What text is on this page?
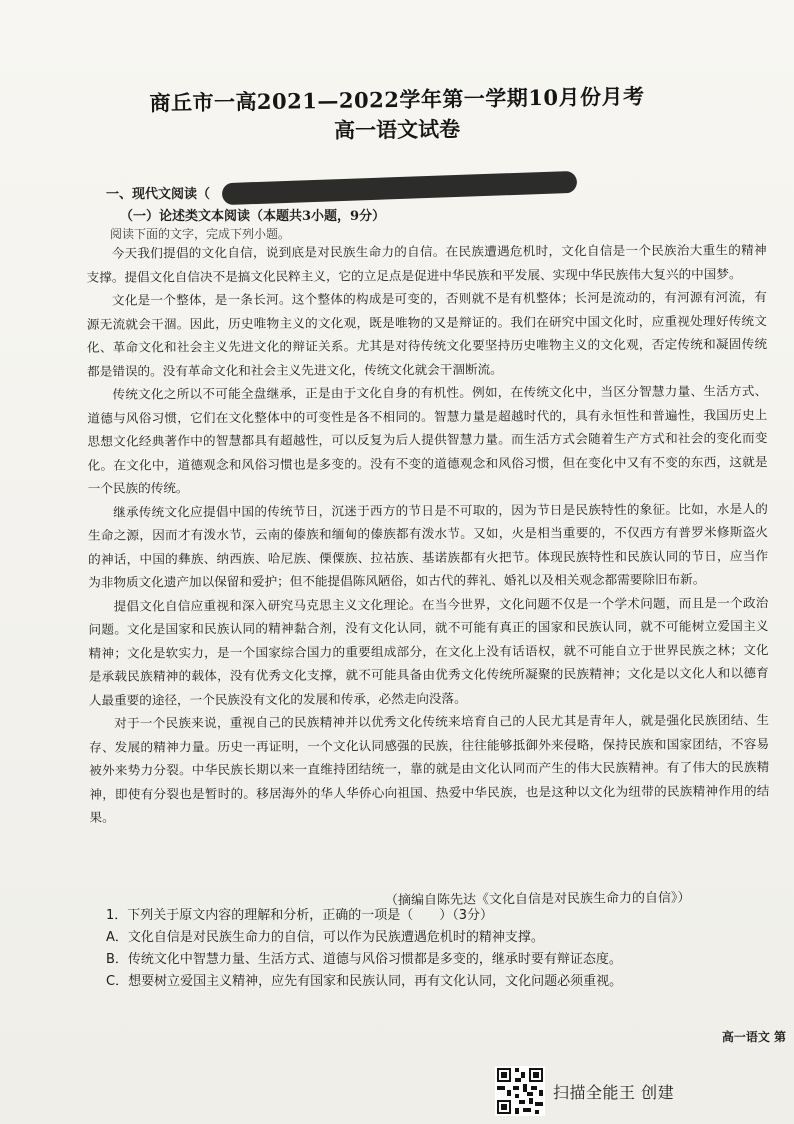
商丘市一高2021—2022学年第一学期10月份月考
高一语文试卷
一、现代文阅读（
（一）论述类文本阅读（本题共3小题，9分）
阅读下面的文字，完成下列小题。

今天我们提倡的文化自信，说到底是对民族生命力的自信。在民族遭遇危机时，文化自信是一个民族治大重生的精神支撑。提倡文化自信决不是搞文化民粹主义，它的立足点是促进中华民族和平发展、实现中华民族伟大复兴的中国梦。

文化是一个整体，是一条长河。这个整体的构成是可变的，否则就不是有机整体；长河是流动的，有河源有河流，有源无流就会干涸。因此，历史唯物主义的文化观，既是唯物的又是辩证的。我们在研究中国文化时，应重视处理好传统文化、革命文化和社会主义先进文化的辩证关系。尤其是对待传统文化要坚持历史唯物主义的文化观，否定传统和凝固传统都是错误的。没有革命文化和社会主义先进文化，传统文化就会干涸断流。

传统文化之所以不可能全盘继承，正是由于文化自身的有机性。例如，在传统文化中，当区分智慧力量、生活方式、道德与风俗习惯，它们在文化整体中的可变性是各不相同的。智慧力量是超越时代的，具有永恒性和普遍性，我国历史上思想文化经典著作中的智慧都具有超越性，可以反复为后人提供智慧力量。而生活方式会随着生产方式和社会的变化而变化。在文化中，道德观念和风俗习惯也是多变的。没有不变的道德观念和风俗习惯，但在变化中又有不变的东西，这就是一个民族的传统。

继承传统文化应提倡中国的传统节日，沉迷于西方的节日是不可取的，因为节日是民族特性的象征。比如，水是人的生命之源，因而才有泼水节，云南的傣族和缅甸的傣族都有泼水节。又如，火是相当重要的，不仅西方有普罗米修斯盗火的神话，中国的彝族、纳西族、哈尼族、傈僳族、拉祜族、基诺族都有火把节。体现民族特性和民族认同的节日，应当作为非物质文化遗产加以保留和爱护；但不能提倡陈风陋俗，如古代的葬礼、婚礼以及相关观念都需要除旧布新。

提倡文化自信应重视和深入研究马克思主义文化理论。在当今世界，文化问题不仅是一个学术问题，而且是一个政治问题。文化是国家和民族认同的精神黏合剂，没有文化认同，就不可能有真正的国家和民族认同，就不可能树立爱国主义精神；文化是软实力，是一个国家综合国力的重要组成部分，在文化上没有话语权，就不可能自立于世界民族之林；文化是承载民族精神的载体，没有优秀文化支撑，就不可能具备由优秀文化传统所凝聚的民族精神；文化是以文化人和以德育人最重要的途径，一个民族没有文化的发展和传承，必然走向没落。

对于一个民族来说，重视自己的民族精神并以优秀文化传统来培育自己的人民尤其是青年人，就是强化民族团结、生存、发展的精神力量。历史一再证明，一个文化认同感强的民族，往往能够抵御外来侵略，保持民族和国家团结，不容易被外来势力分裂。中华民族长期以来一直维持团结统一，靠的就是由文化认同而产生的伟大民族精神。有了伟大的民族精神，即使有分裂也是暂时的。移居海外的华人华侨心向祖国、热爱中华民族，也是这种以文化为纽带的民族精神作用的结果。

（摘编自陈先达《文化自信是对民族生命力的自信》）
1．下列关于原文内容的理解和分析，正确的一项是（　　）（3分）
A．文化自信是对民族生命力的自信，可以作为民族遭遇危机时的精神支撑。
B．传统文化中智慧力量、生活方式、道德与风俗习惯都是多变的，继承时要有辩证态度。
C．想要树立爱国主义精神，应先有国家和民族认同，再有文化认同，文化问题必须重视。
高一语文 第
扫描全能王 创建
